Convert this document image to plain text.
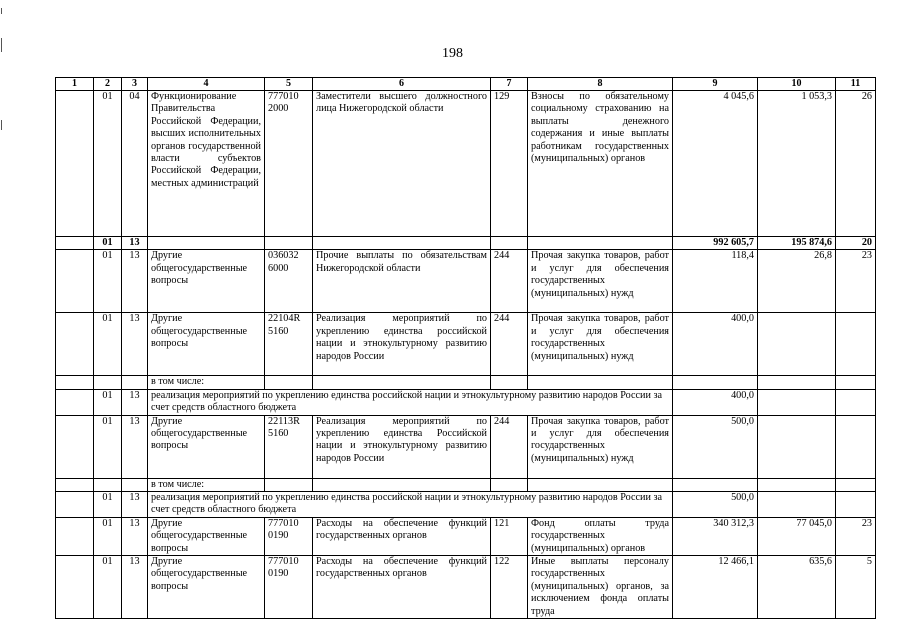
198
1	2	3	4	5	6	7	8	9	10	11
	01	04	Функционирование Правительства Российской Федерации, высших исполнительных органов государственной власти субъектов Российской Федерации, местных администраций	777010 2000	Заместители высшего должностного лица Нижегородской области	129	Взносы по обязательному социальному страхованию на выплаты денежного содержания и иные выплаты работникам государственных (муниципальных) органов	4 045,6	1 053,3	26
	01	13						992 605,7	195 874,6	20
	01	13	Другие общегосударственные вопросы	036032 6000	Прочие выплаты по обязательствам Нижегородской области	244	Прочая закупка товаров, работ и услуг для обеспечения государственных (муниципальных) нужд	118,4	26,8	23
	01	13	Другие общегосударственные вопросы	22104R 5160	Реализация мероприятий по укреплению единства российской нации и этнокультурному развитию народов России	244	Прочая закупка товаров, работ и услуг для обеспечения государственных (муниципальных) нужд	400,0		
			в том числе:							
	01	13	реализация мероприятий по укреплению единства российской нации и этнокультурному развитию народов России за счет средств областного бюджета					400,0		
	01	13	Другие общегосударственные вопросы	22113R 5160	Реализация мероприятий по укреплению единства Российской нации и этнокультурному развитию народов России	244	Прочая закупка товаров, работ и услуг для обеспечения государственных (муниципальных) нужд	500,0		
			в том числе:							
	01	13	реализация мероприятий по укреплению единства российской нации и этнокультурному развитию народов России за счет средств областного бюджета					500,0		
	01	13	Другие общегосударственные вопросы	777010 0190	Расходы на обеспечение функций государственных органов	121	Фонд оплаты труда государственных (муниципальных) органов	340 312,3	77 045,0	23
	01	13	Другие общегосударственные вопросы	777010 0190	Расходы на обеспечение функций государственных органов	122	Иные выплаты персоналу государственных (муниципальных) органов, за исключением фонда оплаты труда	12 466,1	635,6	5
